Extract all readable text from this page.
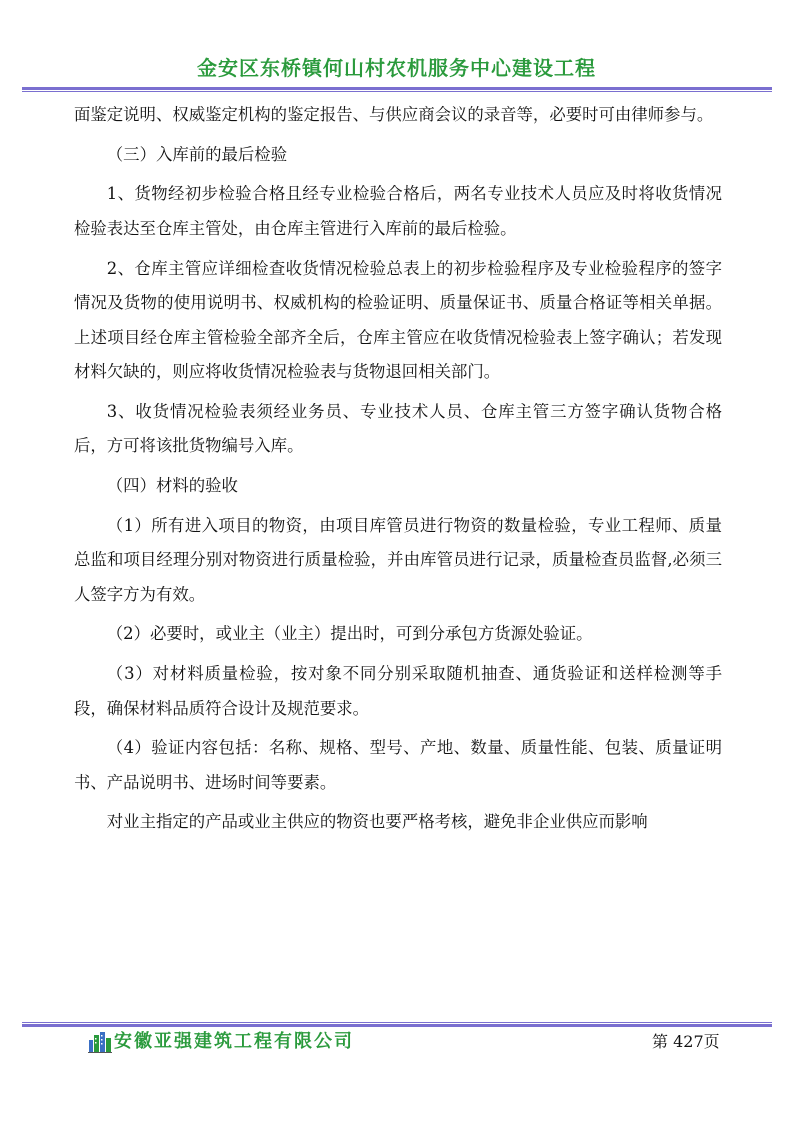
金安区东桥镇何山村农机服务中心建设工程

面鉴定说明、权威鉴定机构的鉴定报告、与供应商会议的录音等，必要时可由律师参与。

（三）入库前的最后检验

1、货物经初步检验合格且经专业检验合格后，两名专业技术人员应及时将收货情况检验表达至仓库主管处，由仓库主管进行入库前的最后检验。

2、仓库主管应详细检查收货情况检验总表上的初步检验程序及专业检验程序的签字情况及货物的使用说明书、权威机构的检验证明、质量保证书、质量合格证等相关单据。上述项目经仓库主管检验全部齐全后，仓库主管应在收货情况检验表上签字确认；若发现材料欠缺的，则应将收货情况检验表与货物退回相关部门。

3、收货情况检验表须经业务员、专业技术人员、仓库主管三方签字确认货物合格后，方可将该批货物编号入库。

（四）材料的验收

（1）所有进入项目的物资，由项目库管员进行物资的数量检验，专业工程师、质量总监和项目经理分别对物资进行质量检验，并由库管员进行记录，质量检查员监督,必须三人签字方为有效。

（2）必要时，或业主（业主）提出时，可到分承包方货源处验证。

（3）对材料质量检验，按对象不同分别采取随机抽查、通货验证和送样检测等手段，确保材料品质符合设计及规范要求。

（4）验证内容包括：名称、规格、型号、产地、数量、质量性能、包装、质量证明书、产品说明书、进场时间等要素。

对业主指定的产品或业主供应的物资也要严格考核，避免非企业供应而影响

安徽亚强建筑工程有限公司	第 427页
